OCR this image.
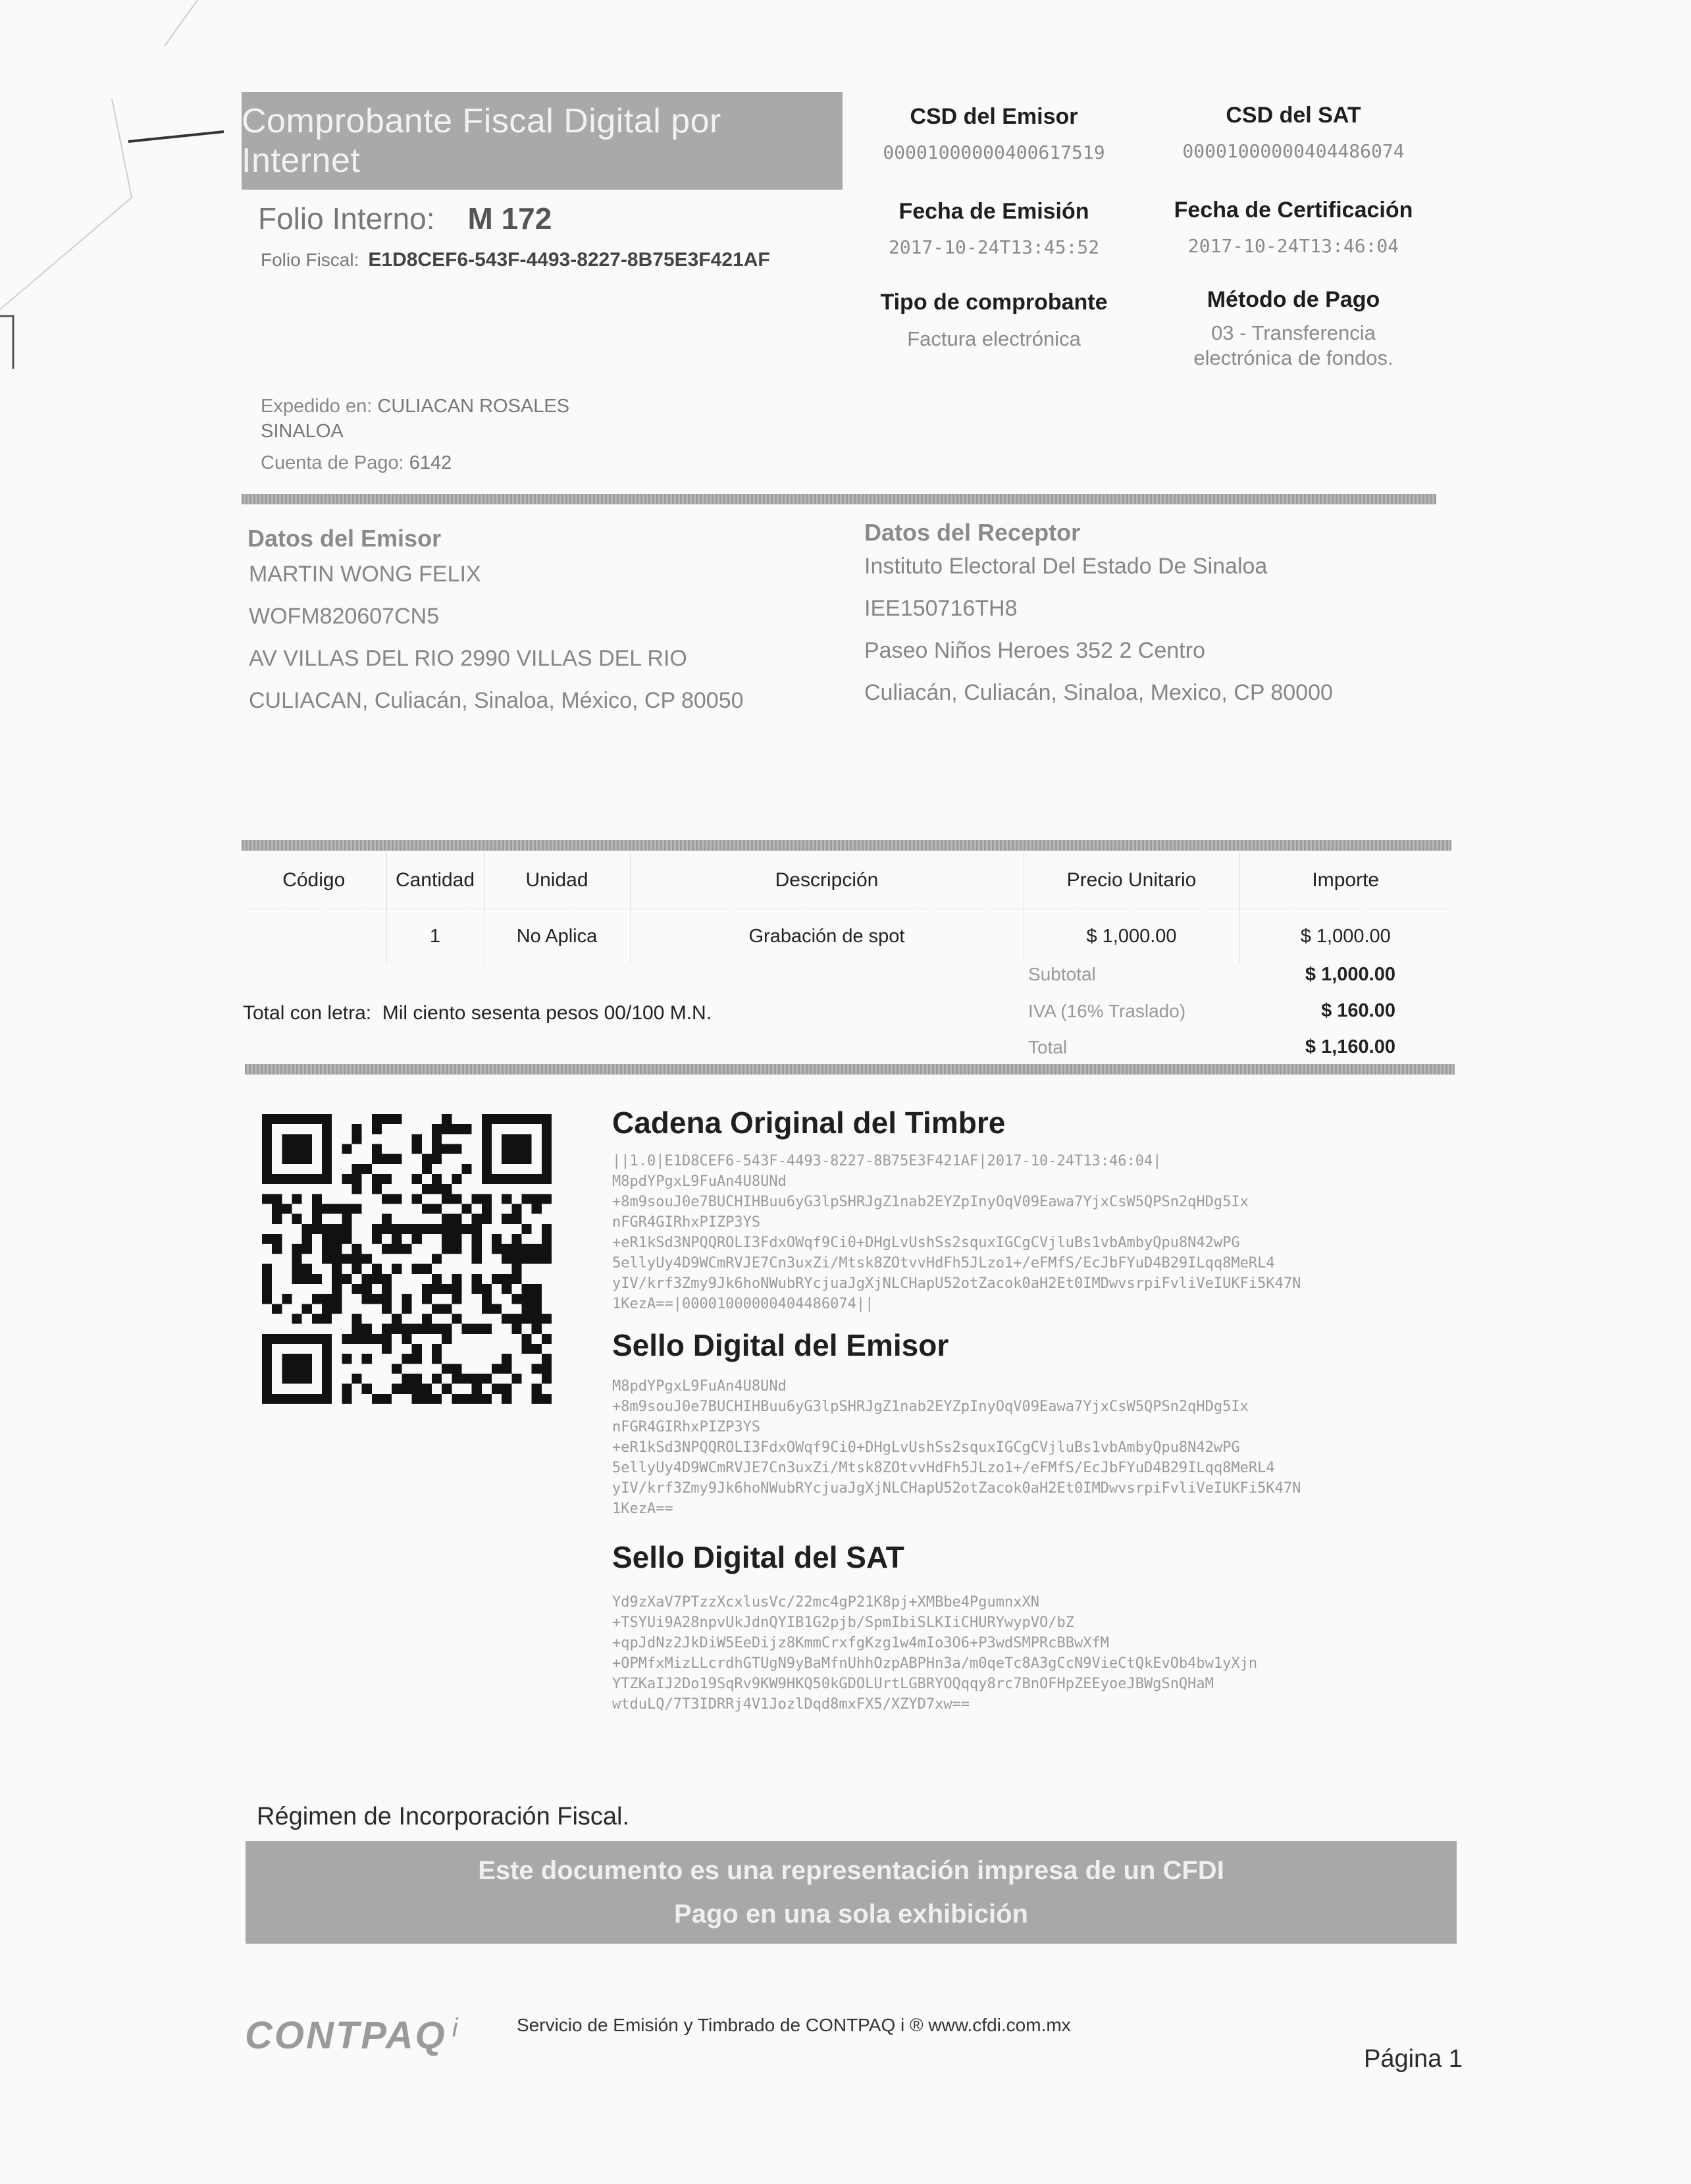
Comprobante Fiscal Digital por Internet
Folio Interno: M 172
Folio Fiscal: E1D8CEF6-543F-4493-8227-8B75E3F421AF
CSD del Emisor
00001000000400617519
CSD del SAT
00001000000404486074
Fecha de Emisión
2017-10-24T13:45:52
Fecha de Certificación
2017-10-24T13:46:04
Tipo de comprobante
Factura electrónica
Método de Pago
03 - Transferencia
electrónica de fondos.
Expedido en: CULIACAN ROSALES
SINALOA
Cuenta de Pago: 6142
Datos del Emisor
MARTIN WONG FELIX
WOFM820607CN5
AV VILLAS DEL RIO 2990 VILLAS DEL RIO
CULIACAN, Culiacán, Sinaloa, México, CP 80050
Datos del Receptor
Instituto Electoral Del Estado De Sinaloa
IEE150716TH8
Paseo Niños Heroes 352 2 Centro
Culiacán, Culiacán, Sinaloa, Mexico, CP 80000
Código	Cantidad	Unidad	Descripción	Precio Unitario	Importe
	1	No Aplica	Grabación de spot	$ 1,000.00	$ 1,000.00
Subtotal	$ 1,000.00
IVA (16% Traslado)	$ 160.00
Total	$ 1,160.00
Total con letra: Mil ciento sesenta pesos 00/100 M.N.
Cadena Original del Timbre
||1.0|E1D8CEF6-543F-4493-8227-8B75E3F421AF|2017-10-24T13:46:04|
M8pdYPgxL9FuAn4U8UNd
+8m9souJ0e7BUCHIHBuu6yG3lpSHRJgZ1nab2EYZpInyOqV09Eawa7YjxCsW5QPSn2qHDg5Ix
nFGR4GIRhxPIZP3YS
+eR1kSd3NPQQROLI3FdxOWqf9Ci0+DHgLvUshSs2squxIGCgCVjluBs1vbAmbyQpu8N42wPG
5ellyUy4D9WCmRVJE7Cn3uxZi/Mtsk8ZOtvvHdFh5JLzo1+/eFMfS/EcJbFYuD4B29ILqq8MeRL4
yIV/krf3Zmy9Jk6hoNWubRYcjuaJgXjNLCHapU52otZacok0aH2Et0IMDwvsrpiFvliVeIUKFi5K47N
1KezA==|00001000000404486074||
Sello Digital del Emisor
M8pdYPgxL9FuAn4U8UNd
+8m9souJ0e7BUCHIHBuu6yG3lpSHRJgZ1nab2EYZpInyOqV09Eawa7YjxCsW5QPSn2qHDg5Ix
nFGR4GIRhxPIZP3YS
+eR1kSd3NPQQROLI3FdxOWqf9Ci0+DHgLvUshSs2squxIGCgCVjluBs1vbAmbyQpu8N42wPG
5ellyUy4D9WCmRVJE7Cn3uxZi/Mtsk8ZOtvvHdFh5JLzo1+/eFMfS/EcJbFYuD4B29ILqq8MeRL4
yIV/krf3Zmy9Jk6hoNWubRYcjuaJgXjNLCHapU52otZacok0aH2Et0IMDwvsrpiFvliVeIUKFi5K47N
1KezA==
Sello Digital del SAT
Yd9zXaV7PTzzXcxlusVc/22mc4gP21K8pj+XMBbe4PgumnxXN
+TSYUi9A28npvUkJdnQYIB1G2pjb/SpmIbiSLKIiCHURYwypVO/bZ
+qpJdNz2JkDiW5EeDijz8KmmCrxfgKzg1w4mIo3O6+P3wdSMPRcBBwXfM
+OPMfxMizLLcrdhGTUgN9yBaMfnUhhOzpABPHn3a/m0qeTc8A3gCcN9VieCtQkEvOb4bw1yXjn
YTZKaIJ2Do19SqRv9KW9HKQ50kGDOLUrtLGBRYOQqqy8rc7BnOFHpZEEyoeJBWgSnQHaM
wtduLQ/7T3IDRRj4V1JozlDqd8mxFX5/XZYD7xw==
Régimen de Incorporación Fiscal.
Este documento es una representación impresa de un CFDI
Pago en una sola exhibición
CONTPAQ $^i$	Servicio de Emisión y Timbrado de CONTPAQ i ® www.cfdi.com.mx
Página 1
